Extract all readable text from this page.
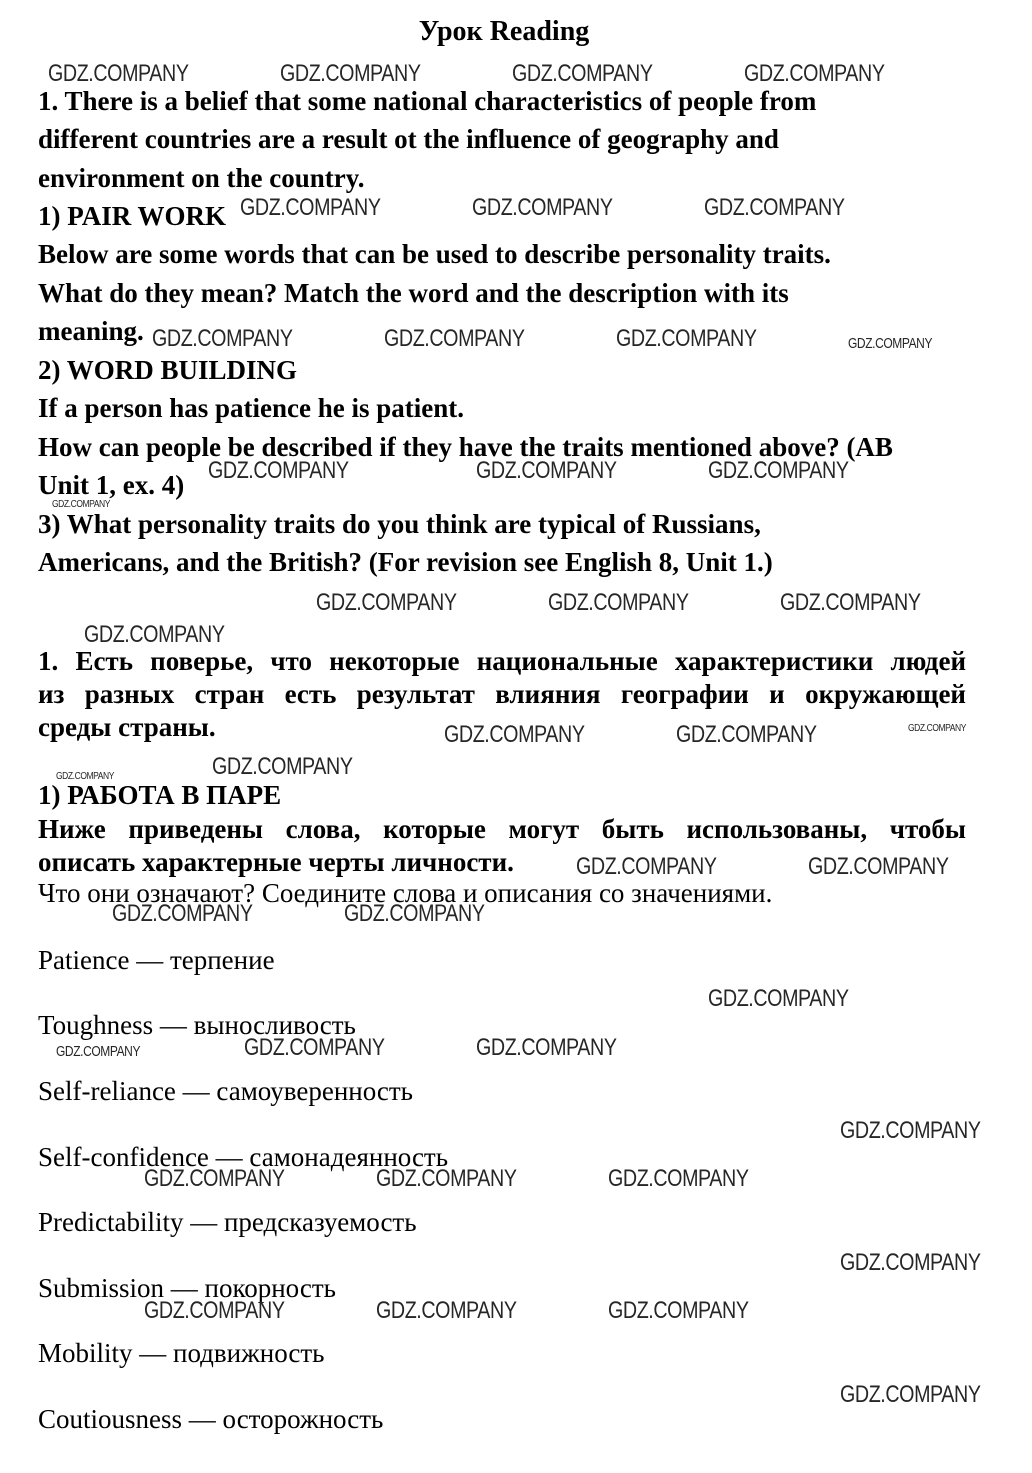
Урок Reading
1. There is a belief that some national characteristics of people from
different countries are a result ot the influence of geography and
environment on the country.
1) PAIR WORK
Below are some words that can be used to describe personality traits.
What do they mean? Match the word and the description with its
meaning.
2) WORD BUILDING
If a person has patience he is patient.
How can people be described if they have the traits mentioned above? (AB
Unit 1, ex. 4)
3) What personality traits do you think are typical of Russians,
Americans, and the British? (For revision see English 8, Unit 1.)
1. Есть поверье, что некоторые национальные характеристики людей
из разных стран есть результат влияния географии и окружающей
среды страны.
1) РАБОТА В ПАРЕ
Ниже приведены слова, которые могут быть использованы, чтобы
описать характерные черты личности.
Что они означают? Соедините слова и описания со значениями.
Patience — терпение
Toughness — выносливость
Self-reliance — самоуверенность
Self-confidence — самонадеянность
Predictability — предсказуемость
Submission — покорность
Mobility — подвижность
Coutiousness — осторожность
GDZ.COMPANY	GDZ.COMPANY	GDZ.COMPANY	GDZ.COMPANY
GDZ.COMPANY	GDZ.COMPANY	GDZ.COMPANY
GDZ.COMPANY	GDZ.COMPANY	GDZ.COMPANY	GDZ.COMPANY
GDZ.COMPANY	GDZ.COMPANY	GDZ.COMPANY
GDZ.COMPANY
GDZ.COMPANY	GDZ.COMPANY	GDZ.COMPANY
GDZ.COMPANY
GDZ.COMPANY	GDZ.COMPANY	GDZ.COMPANY
GDZ.COMPANY
GDZ.COMPANY
GDZ.COMPANY	GDZ.COMPANY
GDZ.COMPANY	GDZ.COMPANY
GDZ.COMPANY
GDZ.COMPANY	GDZ.COMPANY	GDZ.COMPANY
GDZ.COMPANY
GDZ.COMPANY	GDZ.COMPANY	GDZ.COMPANY
GDZ.COMPANY
GDZ.COMPANY	GDZ.COMPANY	GDZ.COMPANY
GDZ.COMPANY
